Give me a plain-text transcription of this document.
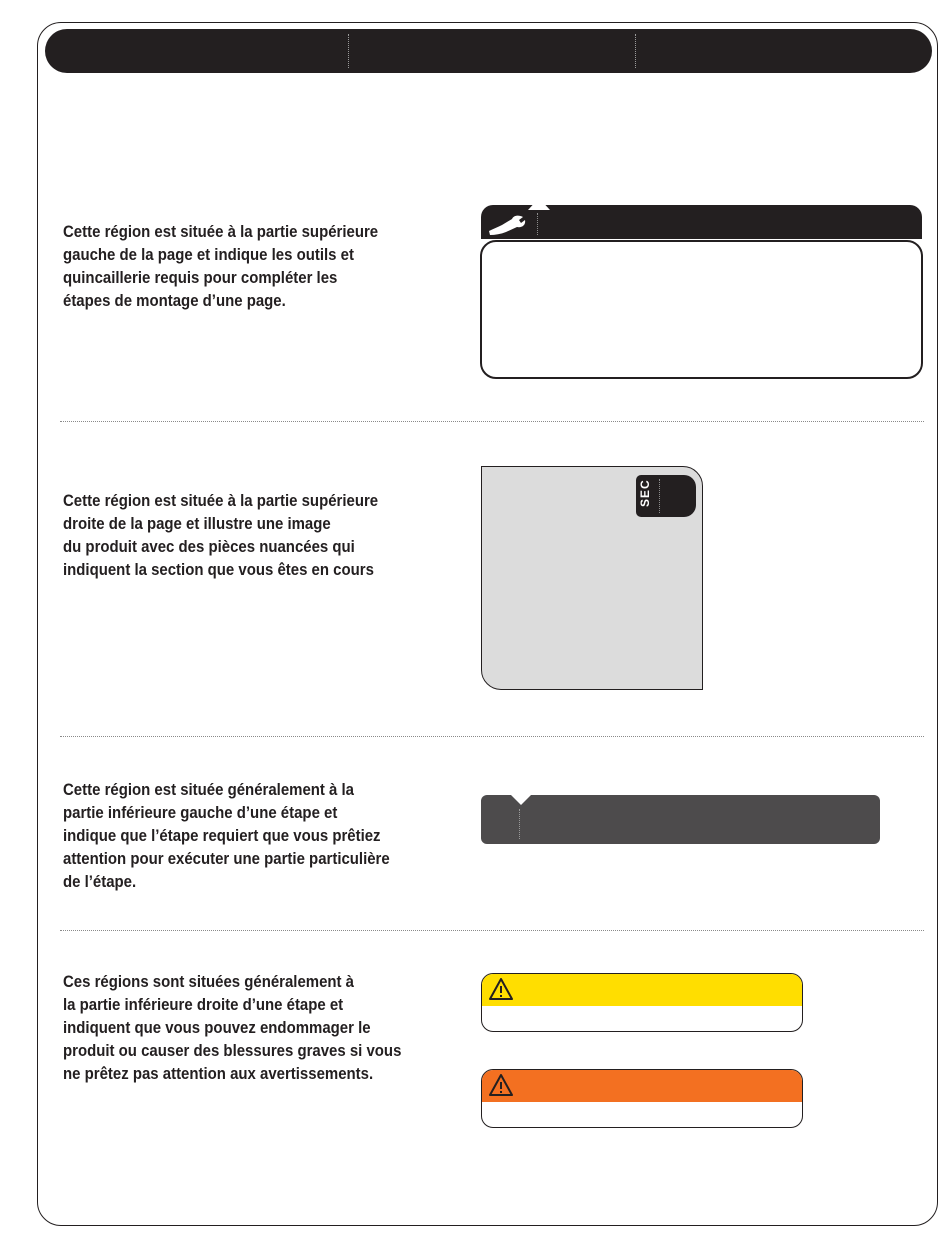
Cette région est située à la partie supérieure
gauche de la page et indique les outils et
quincaillerie requis pour compléter les
étapes de montage d’une page.

Cette région est située à la partie supérieure
droite de la page et illustre une image
du produit avec des pièces nuancées qui
indiquent la section que vous êtes en cours

SEC

Cette région est située généralement à la
partie inférieure gauche d’une étape et
indique que l’étape requiert que vous prêtiez
attention pour exécuter une partie particulière
de l’étape.

Ces régions sont situées généralement à
la partie inférieure droite d’une étape et
indiquent que vous pouvez endommager le
produit ou causer des blessures graves si vous
ne prêtez pas attention aux avertissements.
